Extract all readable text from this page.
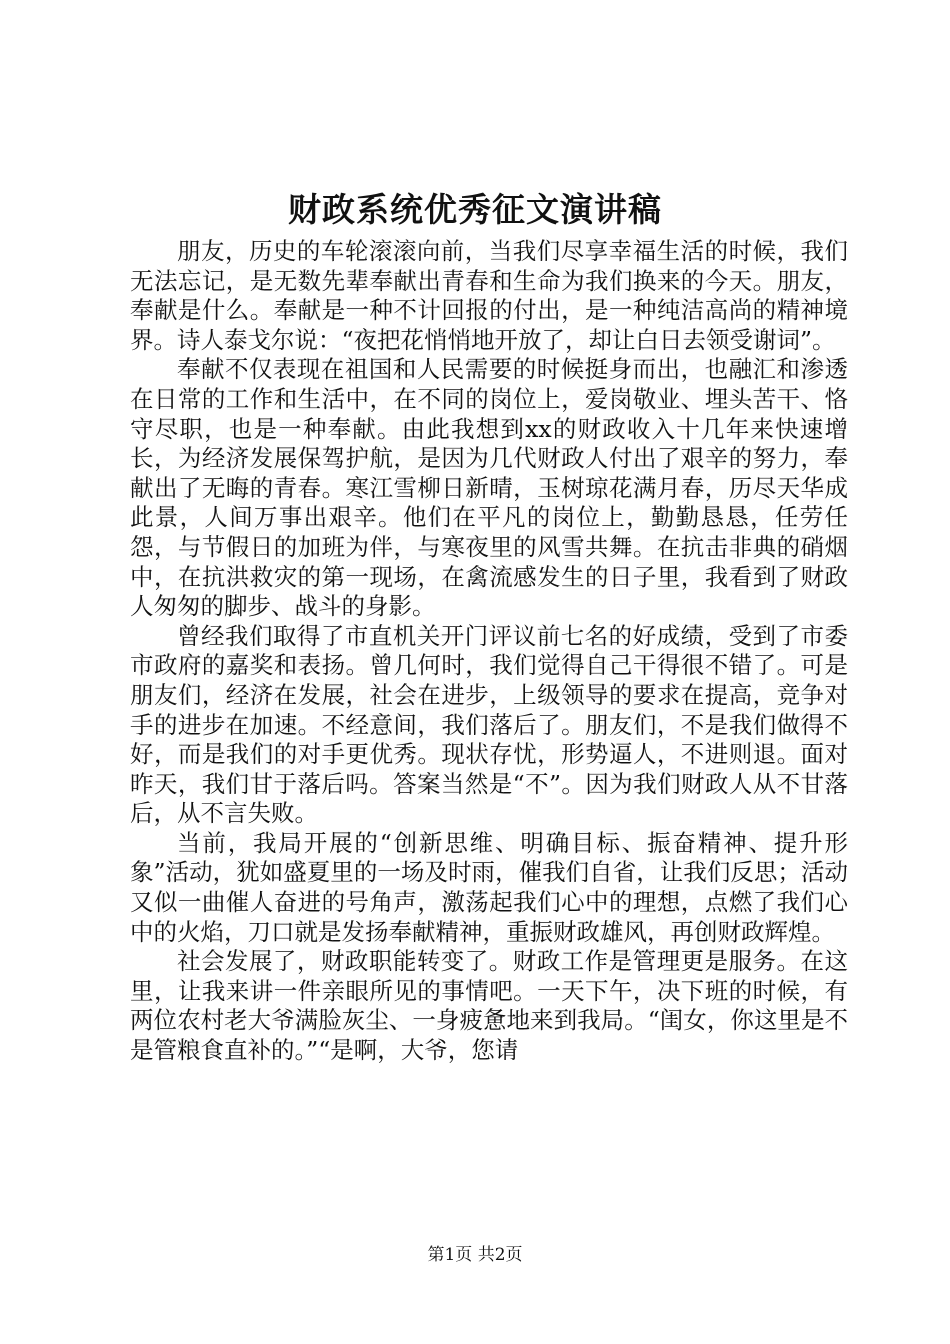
财政系统优秀征文演讲稿

朋友，历史的车轮滚滚向前，当我们尽享幸福生活的时候，我们无法忘记，是无数先辈奉献出青春和生命为我们换来的今天。朋友，奉献是什么。奉献是一种不计回报的付出，是一种纯洁高尚的精神境界。诗人泰戈尔说：“夜把花悄悄地开放了，却让白日去领受谢词”。

奉献不仅表现在祖国和人民需要的时候挺身而出，也融汇和渗透在日常的工作和生活中，在不同的岗位上，爱岗敬业、埋头苦干、恪守尽职，也是一种奉献。由此我想到xx的财政收入十几年来快速增长，为经济发展保驾护航，是因为几代财政人付出了艰辛的努力，奉献出了无晦的青春。寒江雪柳日新晴，玉树琼花满月春，历尽天华成此景，人间万事出艰辛。他们在平凡的岗位上，勤勤恳恳，任劳任怨，与节假日的加班为伴，与寒夜里的风雪共舞。在抗击非典的硝烟中，在抗洪救灾的第一现场，在禽流感发生的日子里，我看到了财政人匆匆的脚步、战斗的身影。

曾经我们取得了市直机关开门评议前七名的好成绩，受到了市委市政府的嘉奖和表扬。曾几何时，我们觉得自己干得很不错了。可是朋友们，经济在发展，社会在进步，上级领导的要求在提高，竞争对手的进步在加速。不经意间，我们落后了。朋友们，不是我们做得不好，而是我们的对手更优秀。现状存忧，形势逼人，不进则退。面对昨天，我们甘于落后吗。答案当然是“不”。因为我们财政人从不甘落后，从不言失败。

当前，我局开展的“创新思维、明确目标、振奋精神、提升形象”活动，犹如盛夏里的一场及时雨，催我们自省，让我们反思；活动又似一曲催人奋进的号角声，激荡起我们心中的理想，点燃了我们心中的火焰，刀口就是发扬奉献精神，重振财政雄风，再创财政辉煌。

社会发展了，财政职能转变了。财政工作是管理更是服务。在这里，让我来讲一件亲眼所见的事情吧。一天下午，决下班的时候，有两位农村老大爷满脸灰尘、一身疲惫地来到我局。“闺女，你这里是不是管粮食直补的。”“是啊，大爷，您请

第1页 共2页
